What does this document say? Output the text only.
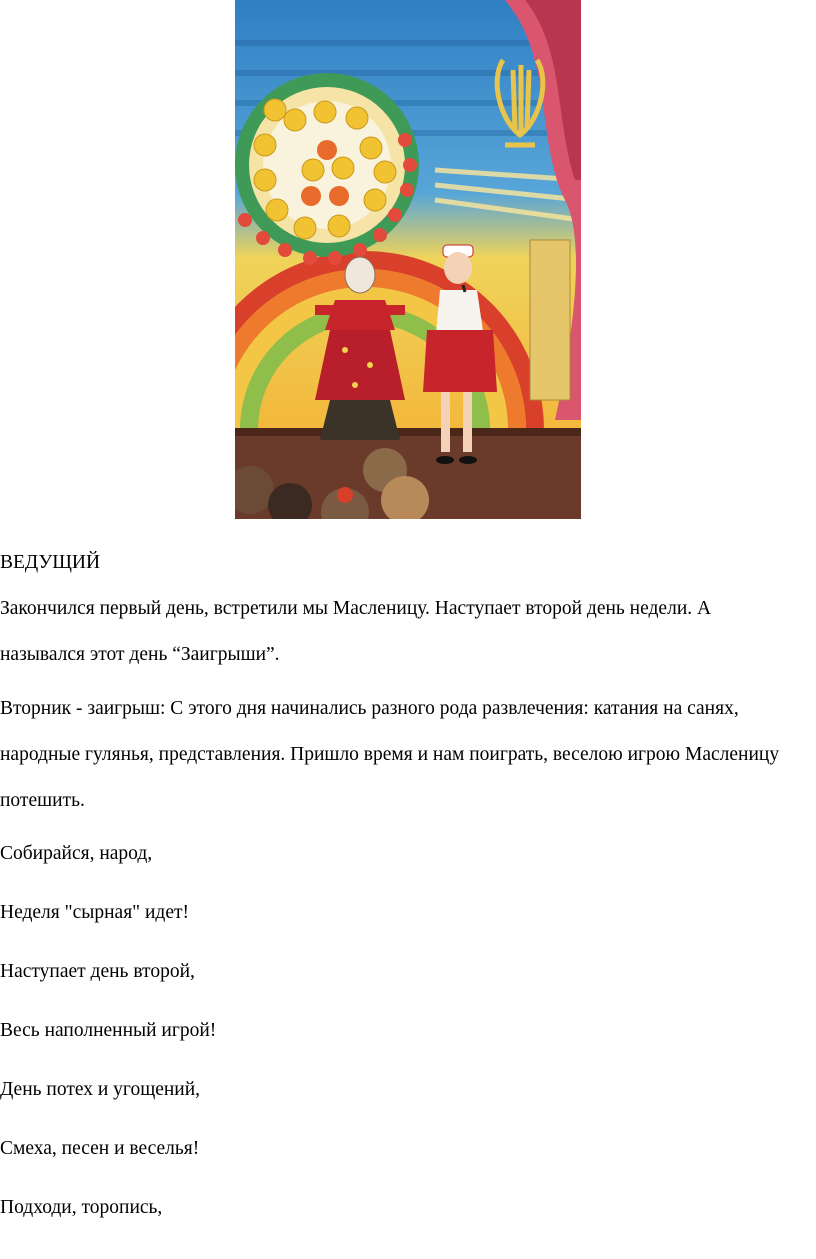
ВЕДУЩИЙ
Закончился первый день, встретили мы Масленицу. Наступает второй день недели. А назывался этот день “Заигрыши”.
Вторник - заигрыш: С этого дня начинались разного рода развлечения: катания на санях, народные гулянья, представления. Пришло время и нам поиграть, веселою игрою Масленицу потешить.
Собирайся, народ,
Неделя "сырная" идет!
Наступает день второй,
Весь наполненный игрой!
День потех и угощений,
Смеха, песен и веселья!
Подходи, торопись,
